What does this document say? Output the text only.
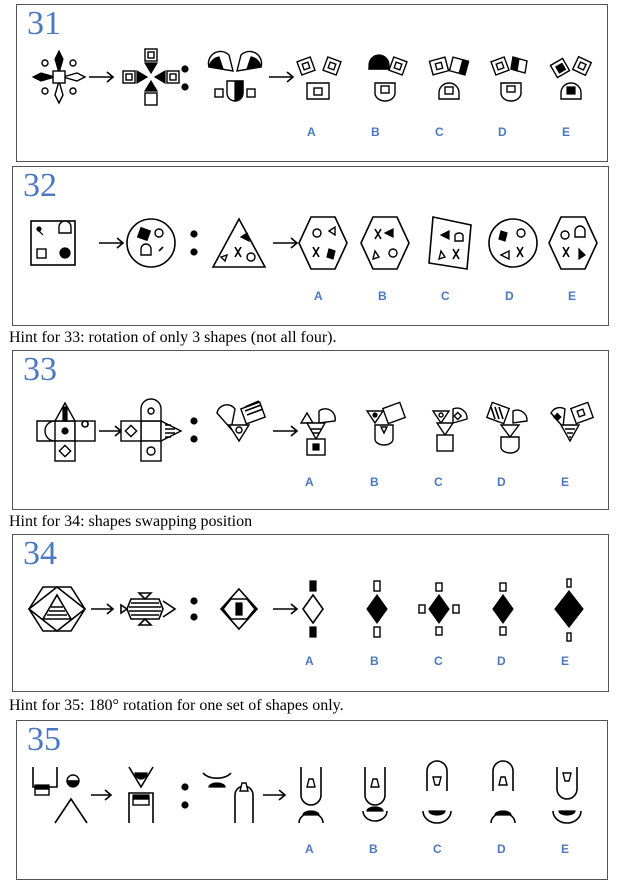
31
A	B	C	D	E
32
A	B	C	D	E
Hint for 33: rotation of only 3 shapes (not all four).
33
A	B	C	D	E
Hint for 34: shapes swapping position
34
A	B	C	D	E
Hint for 35: 180° rotation for one set of shapes only.
35
A	B	C	D	E
